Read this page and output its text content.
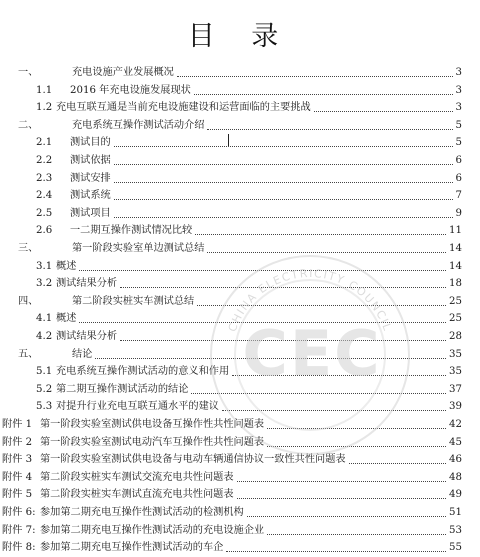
目 录
一、	充电设施产业发展概况	3
1.1 2016 年充电设施发展现状	3
1.2 充电互联互通是当前充电设施建设和运营面临的主要挑战	3
二、	充电系统互操作测试活动介绍	5
2.1 测试目的	5
2.2 测试依据	6
2.3 测试安排	6
2.4 测试系统	7
2.5 测试项目	9
2.6 一二期互操作测试情况比较	11
三、	第一阶段实验室单边测试总结	14
3.1 概述	14
3.2 测试结果分析	18
四、	第二阶段实桩实车测试总结	25
4.1 概述	25
4.2 测试结果分析	28
五、	结论	35
5.1 充电系统互操作测试活动的意义和作用	35
5.2 第二期互操作测试活动的结论	37
5.3 对提升行业充电互联互通水平的建议	39
附件 1 第一阶段实验室测试供电设备互操作性共性问题表	42
附件 2 第一阶段实验室测试电动汽车互操作性共性问题表	45
附件 3 第一阶段实验室测试供电设备与电动车辆通信协议一致性共性问题表	46
附件 4 第二阶段实桩实车测试交流充电共性问题表	48
附件 5 第二阶段实桩实车测试直流充电共性问题表	49
附件 6: 参加第二期充电互操作性测试活动的检测机构	51
附件 7: 参加第二期充电互操作性测试活动的充电设施企业	53
附件 8: 参加第二期充电互操作性测试活动的车企	55
CHINA ELECTRICITY COUNCIL
CEC
